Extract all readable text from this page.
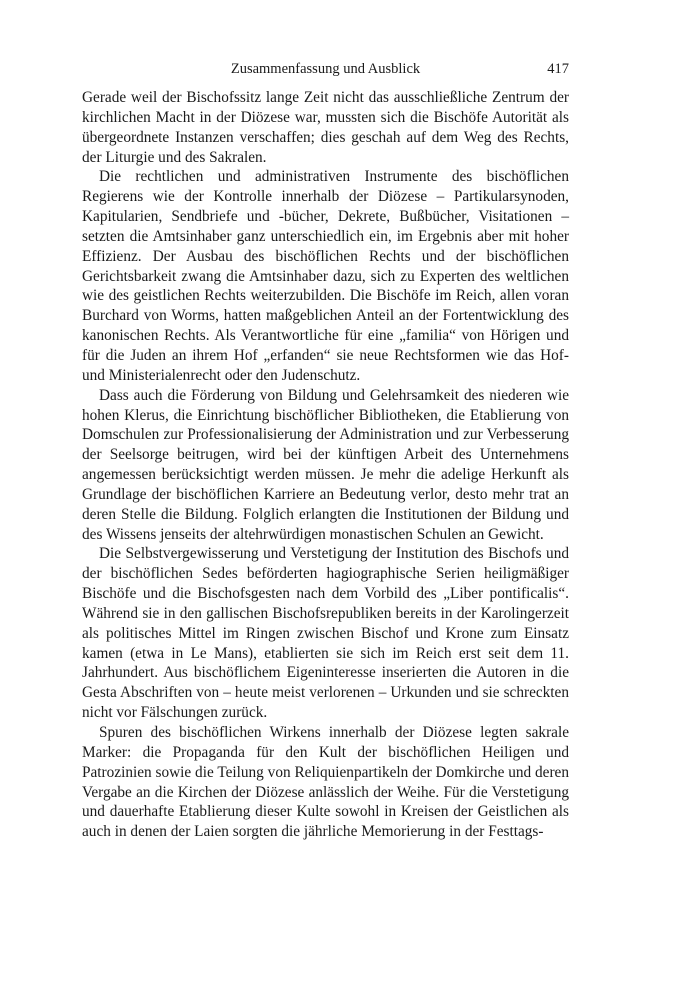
Zusammenfassung und Ausblick	417

Gerade weil der Bischofssitz lange Zeit nicht das ausschließliche Zentrum der kirchlichen Macht in der Diözese war, mussten sich die Bischöfe Autorität als übergeordnete Instanzen verschaffen; dies geschah auf dem Weg des Rechts, der Liturgie und des Sakralen.

Die rechtlichen und administrativen Instrumente des bischöflichen Regierens wie der Kontrolle innerhalb der Diözese – Partikularsynoden, Kapitularien, Sendbriefe und -bücher, Dekrete, Bußbücher, Visitationen – setzten die Amtsinhaber ganz unterschiedlich ein, im Ergebnis aber mit hoher Effizienz. Der Ausbau des bischöflichen Rechts und der bischöflichen Gerichtsbarkeit zwang die Amtsinhaber dazu, sich zu Experten des weltlichen wie des geistlichen Rechts weiterzubilden. Die Bischöfe im Reich, allen voran Burchard von Worms, hatten maßgeblichen Anteil an der Fortentwicklung des kanonischen Rechts. Als Verantwortliche für eine „familia“ von Hörigen und für die Juden an ihrem Hof „erfanden“ sie neue Rechtsformen wie das Hof- und Ministerialenrecht oder den Judenschutz.

Dass auch die Förderung von Bildung und Gelehrsamkeit des niederen wie hohen Klerus, die Einrichtung bischöflicher Bibliotheken, die Etablierung von Domschulen zur Professionalisierung der Administration und zur Verbesserung der Seelsorge beitrugen, wird bei der künftigen Arbeit des Unternehmens angemessen berücksichtigt werden müssen. Je mehr die adelige Herkunft als Grundlage der bischöflichen Karriere an Bedeutung verlor, desto mehr trat an deren Stelle die Bildung. Folglich erlangten die Institutionen der Bildung und des Wissens jenseits der altehrwürdigen monastischen Schulen an Gewicht.

Die Selbstvergewisserung und Verstetigung der Institution des Bischofs und der bischöflichen Sedes beförderten hagiographische Serien heiligmäßiger Bischöfe und die Bischofsgesten nach dem Vorbild des „Liber pontificalis“. Während sie in den gallischen Bischofsrepubliken bereits in der Karolingerzeit als politisches Mittel im Ringen zwischen Bischof und Krone zum Einsatz kamen (etwa in Le Mans), etablierten sie sich im Reich erst seit dem 11. Jahrhundert. Aus bischöflichem Eigeninteresse inserierten die Autoren in die Gesta Abschriften von – heute meist verlorenen – Urkunden und sie schreckten nicht vor Fälschungen zurück.

Spuren des bischöflichen Wirkens innerhalb der Diözese legten sakrale Marker: die Propaganda für den Kult der bischöflichen Heiligen und Patrozinien sowie die Teilung von Reliquienpartikeln der Domkirche und deren Vergabe an die Kirchen der Diözese anlässlich der Weihe. Für die Verstetigung und dauerhafte Etablierung dieser Kulte sowohl in Kreisen der Geistlichen als auch in denen der Laien sorgten die jährliche Memorierung in der Festtags-
